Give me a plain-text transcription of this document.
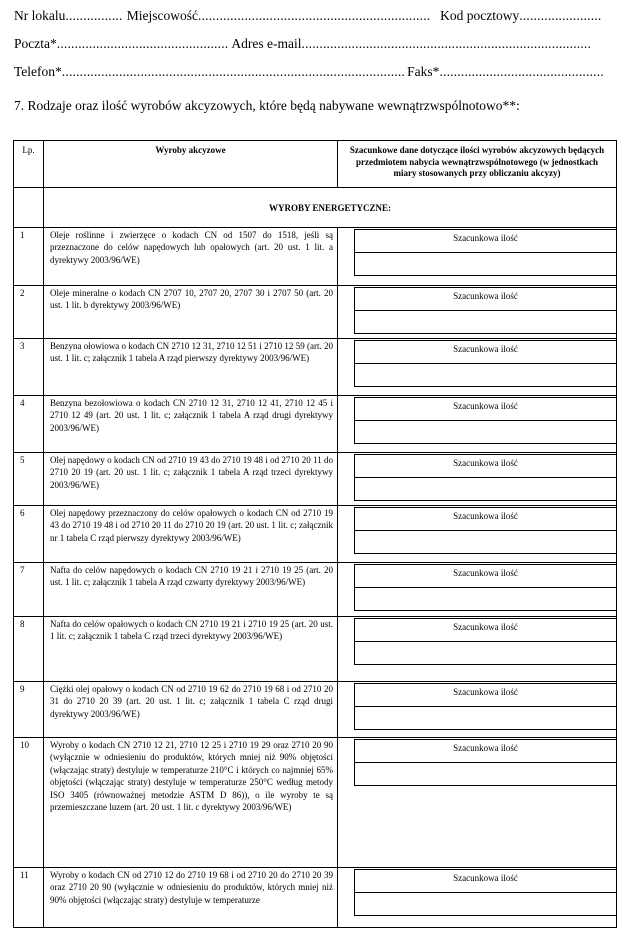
Nr lokalu .....	Miejscowość .....	Kod pocztowy.....
Poczta* .....	Adres e-mail.....
Telefon* .....	Faks*.....
7. Rodzaje oraz ilość wyrobów akcyzowych, które będą nabywane wewnątrzwspólnotowo**:
Lp.	Wyroby akcyzowe	Szacunkowe dane dotyczące ilości wyrobów akcyzowych będących przedmiotem nabycia wewnątrzwspólnotowego (w jednostkach miary stosowanych przy obliczaniu akcyzy)
	WYROBY ENERGETYCZNE:	
1	Oleje roślinne i zwierzęce o kodach CN od 1507 do 1518, jeśli są przeznaczone do celów napędowych lub opałowych (art. 20 ust. 1 lit. a dyrektywy 2003/96/WE)	Szacunkowa ilość

2	Oleje mineralne o kodach CN 2707 10, 2707 20, 2707 30 i 2707 50 (art. 20 ust. 1 lit. b dyrektywy 2003/96/WE)	Szacunkowa ilość

3	Benzyna ołowiowa o kodach CN 2710 12 31, 2710 12 51 i 2710 12 59 (art. 20 ust. 1 lit. c; załącznik 1 tabela A rząd pierwszy dyrektywy 2003/96/WE)	Szacunkowa ilość

4	Benzyna bezołowiowa o kodach CN 2710 12 31, 2710 12 41, 2710 12 45 i 2710 12 49 (art. 20 ust. 1 lit. c; załącznik 1 tabela A rząd drugi dyrektywy 2003/96/WE)	Szacunkowa ilość

5	Olej napędowy o kodach CN od 2710 19 43 do 2710 19 48 i od 2710 20 11 do 2710 20 19 (art. 20 ust. 1 lit. c; załącznik 1 tabela A rząd trzeci dyrektywy 2003/96/WE)	Szacunkowa ilość

6	Olej napędowy przeznaczony do celów opałowych o kodach CN od 2710 19 43 do 2710 19 48 i od 2710 20 11 do 2710 20 19 (art. 20 ust. 1 lit. c; załącznik nr 1 tabela C rząd pierwszy dyrektywy 2003/96/WE)	Szacunkowa ilość

7	Nafta do celów napędowych o kodach CN 2710 19 21 i 2710 19 25 (art. 20 ust. 1 lit. c; załącznik 1 tabela A rząd czwarty dyrektywy 2003/96/WE)	Szacunkowa ilość

8	Nafta do celów opałowych o kodach CN 2710 19 21 i 2710 19 25 (art. 20 ust. 1 lit. c; załącznik 1 tabela C rząd trzeci dyrektywy 2003/96/WE)	Szacunkowa ilość

9	Ciężki olej opałowy o kodach CN od 2710 19 62 do 2710 19 68 i od 2710 20 31 do 2710 20 39 (art. 20 ust. 1 lit. c; załącznik 1 tabela C rząd drugi dyrektywy 2003/96/WE)	Szacunkowa ilość

10	Wyroby o kodach CN 2710 12 21, 2710 12 25 i 2710 19 29 oraz 2710 20 90 (wyłącznie w odniesieniu do produktów, których mniej niż 90% objętości (włączając straty) destyluje w temperaturze 210°C i których co najmniej 65% objętości (włączając straty) destyluje w temperaturze 250°C według metody ISO 3405 (równoważnej metodzie ASTM D 86)), o ile wyroby te są przemieszczane luzem (art. 20 ust. 1 lit. c dyrektywy 2003/96/WE)	Szacunkowa ilość

11	Wyroby o kodach CN od 2710 12 do 2710 19 68 i od 2710 20 do 2710 20 39 oraz 2710 20 90 (wyłącznie w odniesieniu do produktów, których mniej niż 90% objętości (włączając straty) destyluje w temperaturze	Szacunkowa ilość
